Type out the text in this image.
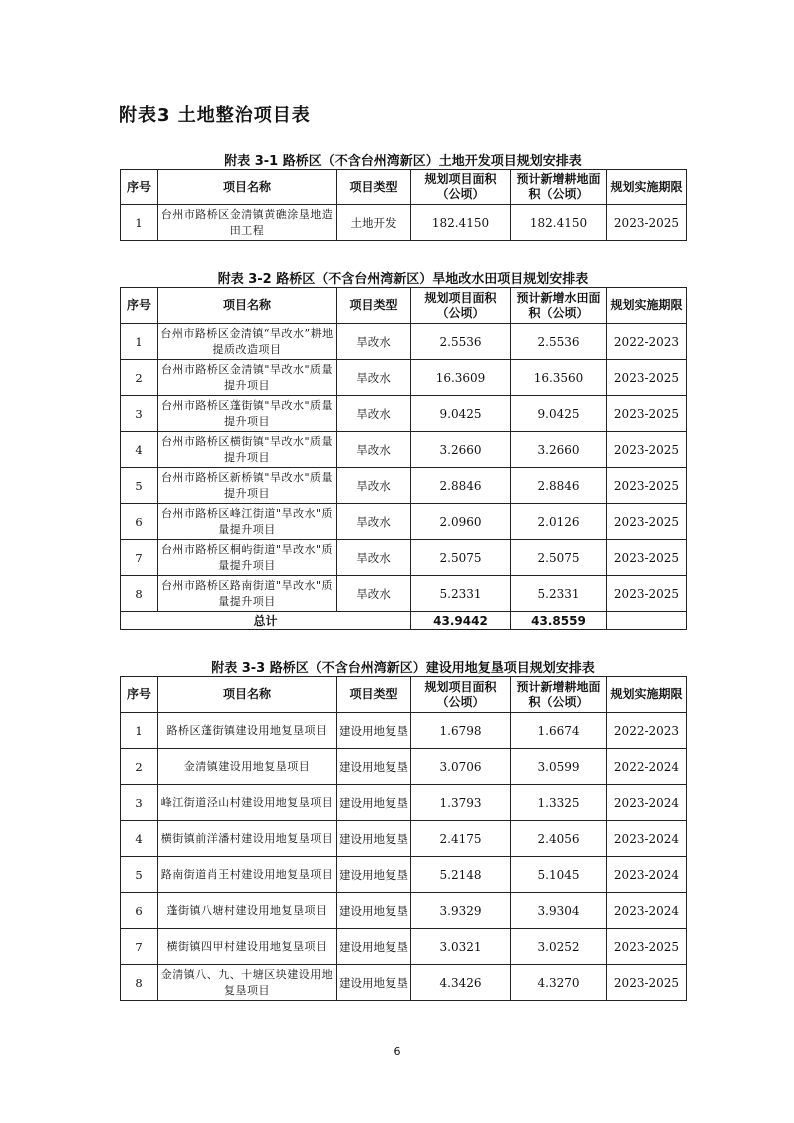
附表3 土地整治项目表
附表 3-1 路桥区（不含台州湾新区）土地开发项目规划安排表
序号	项目名称	项目类型	规划项目面积（公顷）	预计新增耕地面积（公顷）	规划实施期限
1	台州市路桥区金清镇黄礁涂垦地造田工程	土地开发	182.4150	182.4150	2023-2025
附表 3-2 路桥区（不含台州湾新区）旱地改水田项目规划安排表
序号	项目名称	项目类型	规划项目面积（公顷）	预计新增水田面积（公顷）	规划实施期限
1	台州市路桥区金清镇“旱改水”耕地提质改造项目	旱改水	2.5536	2.5536	2022-2023
2	台州市路桥区金清镇"旱改水"质量提升项目	旱改水	16.3609	16.3560	2023-2025
3	台州市路桥区蓬街镇"旱改水"质量提升项目	旱改水	9.0425	9.0425	2023-2025
4	台州市路桥区横街镇"旱改水"质量提升项目	旱改水	3.2660	3.2660	2023-2025
5	台州市路桥区新桥镇"旱改水"质量提升项目	旱改水	2.8846	2.8846	2023-2025
6	台州市路桥区峰江街道"旱改水"质量提升项目	旱改水	2.0960	2.0126	2023-2025
7	台州市路桥区桐屿街道"旱改水"质量提升项目	旱改水	2.5075	2.5075	2023-2025
8	台州市路桥区路南街道"旱改水"质量提升项目	旱改水	5.2331	5.2331	2023-2025
总计			43.9442	43.8559	
附表 3-3 路桥区（不含台州湾新区）建设用地复垦项目规划安排表
序号	项目名称	项目类型	规划项目面积（公顷）	预计新增耕地面积（公顷）	规划实施期限
1	路桥区蓬街镇建设用地复垦项目	建设用地复垦	1.6798	1.6674	2022-2023
2	金清镇建设用地复垦项目	建设用地复垦	3.0706	3.0599	2022-2024
3	峰江街道泾山村建设用地复垦项目	建设用地复垦	1.3793	1.3325	2023-2024
4	横街镇前洋潘村建设用地复垦项目	建设用地复垦	2.4175	2.4056	2023-2024
5	路南街道肖王村建设用地复垦项目	建设用地复垦	5.2148	5.1045	2023-2024
6	蓬街镇八塘村建设用地复垦项目	建设用地复垦	3.9329	3.9304	2023-2024
7	横街镇四甲村建设用地复垦项目	建设用地复垦	3.0321	3.0252	2023-2025
8	金清镇八、九、十塘区块建设用地复垦项目	建设用地复垦	4.3426	4.3270	2023-2025
6
